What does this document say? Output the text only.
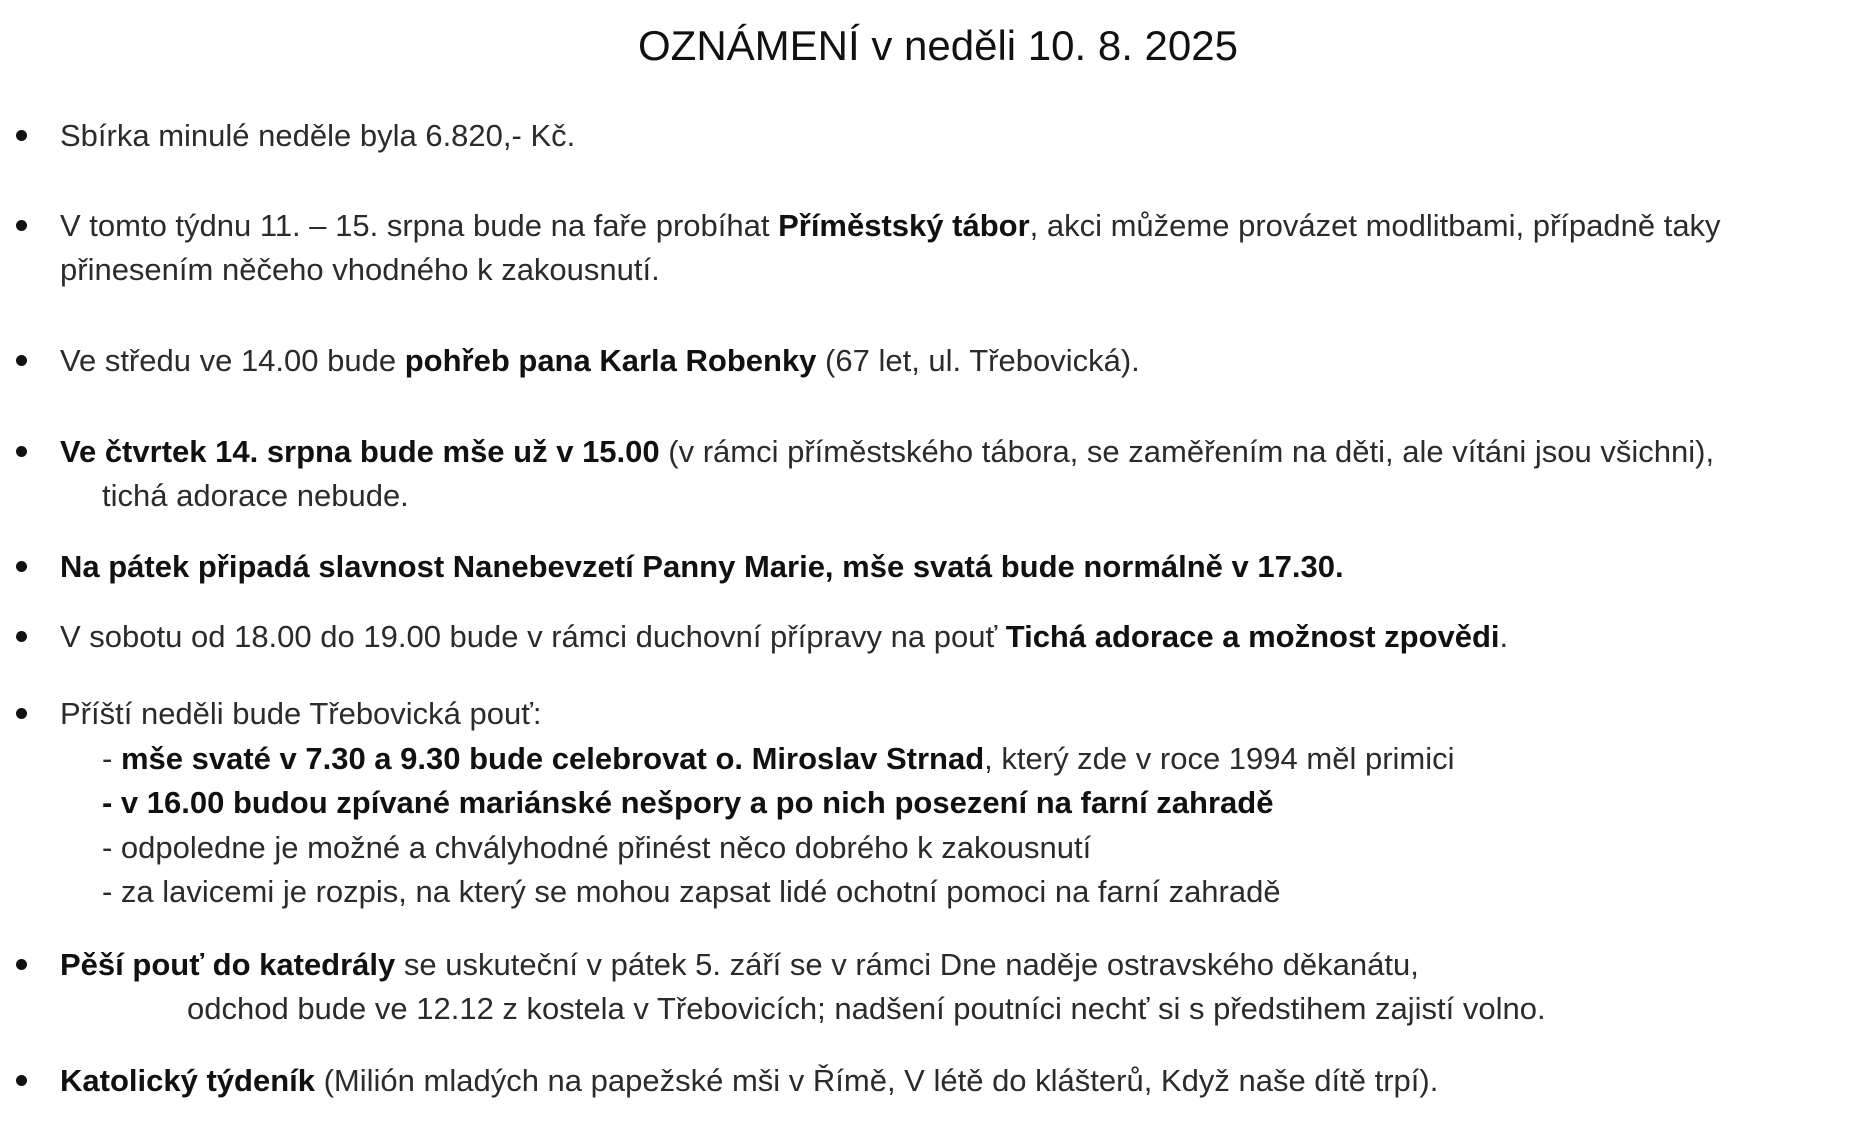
OZNÁMENÍ v neděli 10. 8. 2025
Sbírka minulé neděle byla 6.820,- Kč.
V tomto týdnu 11. – 15. srpna bude na faře probíhat Příměstský tábor, akci můžeme provázet modlitbami, případně taky
přinesením něčeho vhodného k zakousnutí.
Ve středu ve 14.00 bude pohřeb pana Karla Robenky (67 let, ul. Třebovická).
Ve čtvrtek 14. srpna bude mše už v 15.00 (v rámci příměstského tábora, se zaměřením na děti, ale vítáni jsou všichni),
tichá adorace nebude.
Na pátek připadá slavnost Nanebevzetí Panny Marie, mše svatá bude normálně v 17.30.
V sobotu od 18.00 do 19.00 bude v rámci duchovní přípravy na pouť Tichá adorace a možnost zpovědi.
Příští neděli bude Třebovická pouť:
- mše svaté v 7.30 a 9.30 bude celebrovat o. Miroslav Strnad, který zde v roce 1994 měl primici
- v 16.00 budou zpívané mariánské nešpory a po nich posezení na farní zahradě
- odpoledne je možné a chvályhodné přinést něco dobrého k zakousnutí
- za lavicemi je rozpis, na který se mohou zapsat lidé ochotní pomoci na farní zahradě
Pěší pouť do katedrály se uskuteční v pátek 5. září se v rámci Dne naděje ostravského děkanátu,
odchod bude ve 12.12 z kostela v Třebovicích; nadšení poutníci nechť si s předstihem zajistí volno.
Katolický týdeník (Milión mladých na papežské mši v Římě, V létě do klášterů, Když naše dítě trpí).
